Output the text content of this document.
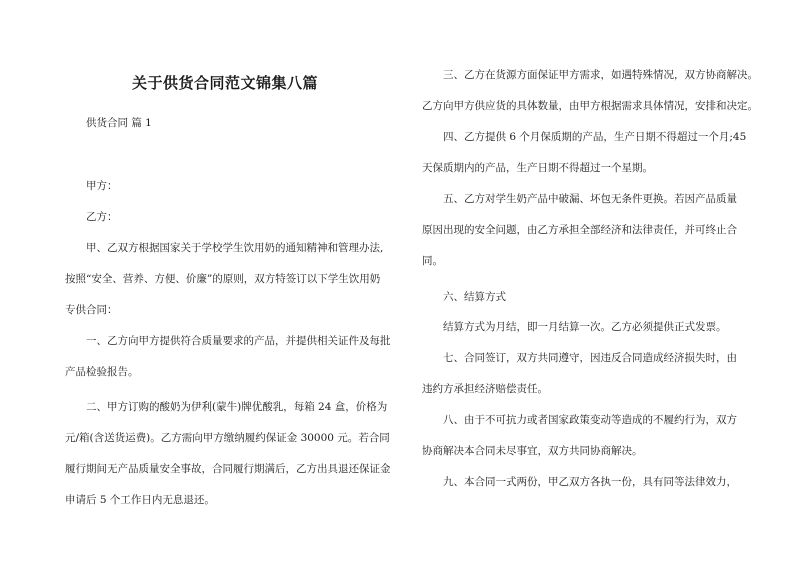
关于供货合同范文锦集八篇
供货合同 篇 1
甲方：
乙方：
甲、乙双方根据国家关于学校学生饮用奶的通知精神和管理办法,
按照“安全、营养、方便、价廉”的原则，双方特签订以下学生饮用奶
专供合同：
一、乙方向甲方提供符合质量要求的产品，并提供相关证件及每批
产品检验报告。
二、甲方订购的酸奶为伊利(蒙牛)牌优酸乳，每箱 24 盒，价格为
元/箱(含送货运费)。乙方需向甲方缴纳履约保证金 30000 元。若合同
履行期间无产品质量安全事故，合同履行期满后，乙方出具退还保证金
申请后 5 个工作日内无息退还。
三、乙方在货源方面保证甲方需求，如遇特殊情况，双方协商解决。
乙方向甲方供应货的具体数量，由甲方根据需求具体情况，安排和决定。
四、乙方提供 6 个月保质期的产品，生产日期不得超过一个月;45
天保质期内的产品，生产日期不得超过一个星期。
五、乙方对学生奶产品中破漏、坏包无条件更换。若因产品质量
原因出现的安全问题，由乙方承担全部经济和法律责任，并可终止合
同。
六、结算方式
结算方式为月结，即一月结算一次。乙方必须提供正式发票。
七、合同签订，双方共同遵守，因违反合同造成经济损失时，由
违约方承担经济赔偿责任。
八、由于不可抗力或者国家政策变动等造成的不履约行为，双方
协商解决本合同未尽事宜，双方共同协商解决。
九、本合同一式两份，甲乙双方各执一份，具有同等法律效力，
